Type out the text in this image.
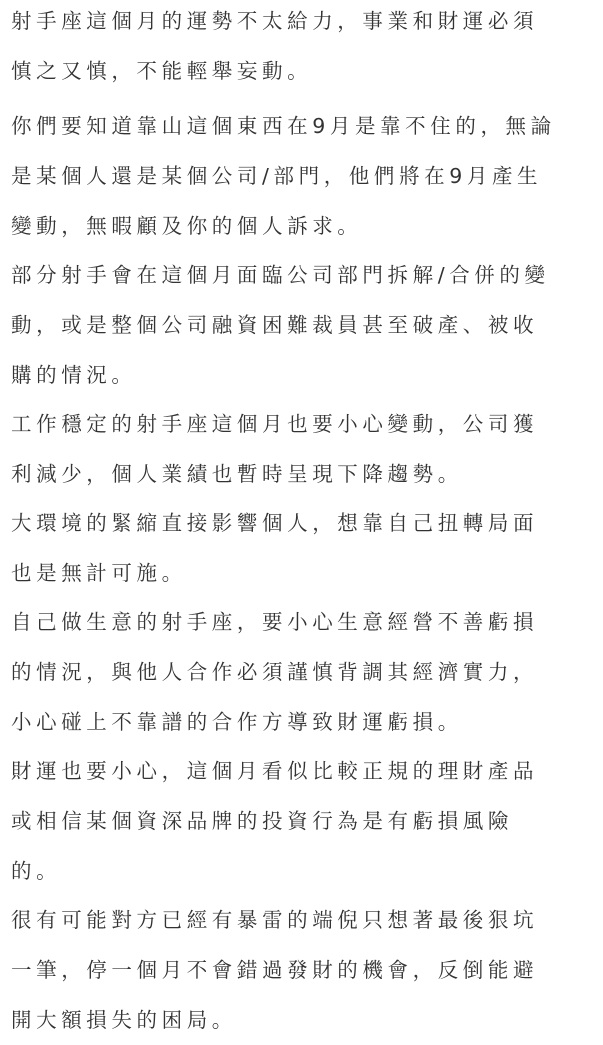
射手座這個月的運勢不太給力，事業和財運必須
慎之又慎，不能輕舉妄動。

你們要知道靠山這個東西在9月是靠不住的，無論
是某個人還是某個公司/部門，他們將在9月產生
變動，無暇顧及你的個人訴求。

部分射手會在這個月面臨公司部門拆解/合併的變
動，或是整個公司融資困難裁員甚至破產、被收
購的情況。

工作穩定的射手座這個月也要小心變動，公司獲
利減少，個人業績也暫時呈現下降趨勢。

大環境的緊縮直接影響個人，想靠自己扭轉局面
也是無計可施。

自己做生意的射手座，要小心生意經營不善虧損
的情況，與他人合作必須謹慎背調其經濟實力，
小心碰上不靠譜的合作方導致財運虧損。

財運也要小心，這個月看似比較正規的理財產品
或相信某個資深品牌的投資行為是有虧損風險
的。

很有可能對方已經有暴雷的端倪只想著最後狠坑
一筆，停一個月不會錯過發財的機會，反倒能避
開大額損失的困局。
